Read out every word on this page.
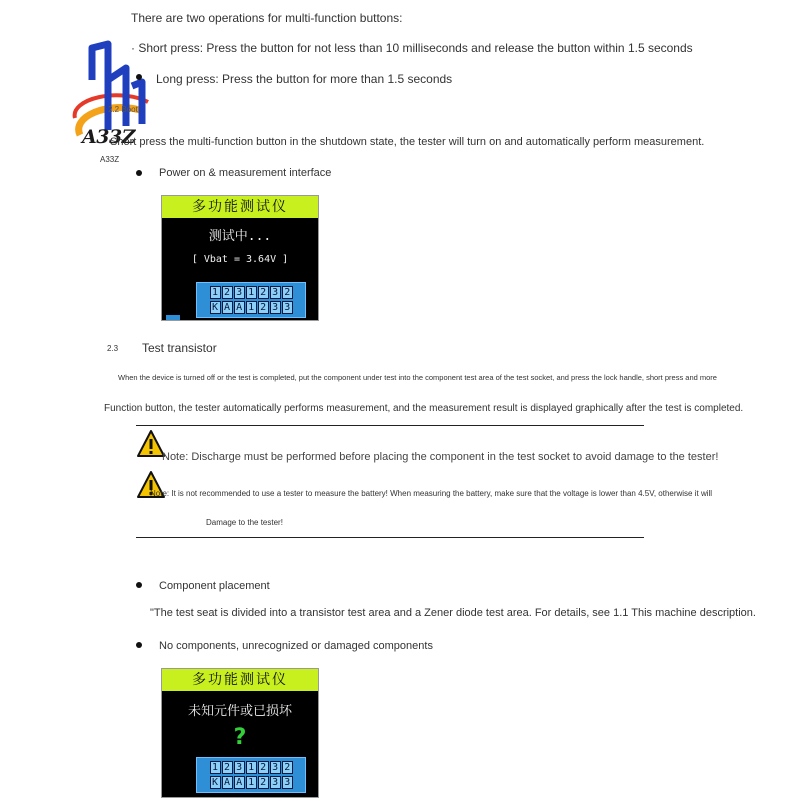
A33Z
A33Z
There are two operations for multi-function buttons:
· Short press: Press the button for not less than 10 milliseconds and release the button within 1.5 seconds
Long press: Press the button for more than 1.5 seconds
2.2 Boot
Short press the multi-function button in the shutdown state, the tester will turn on and automatically perform measurement.
Power on & measurement interface
多功能测试仪
测试中...
[ Vbat = 3.64V ]
1 2 3 1 2 3 2
K A A 1 2 3 3
2.3 Test transistor
When the device is turned off or the test is completed, put the component under test into the component test area of the test socket, and press the lock handle, short press and more
Function button, the tester automatically performs measurement, and the measurement result is displayed graphically after the test is completed.
Note: Discharge must be performed before placing the component in the test socket to avoid damage to the tester!
Note: It is not recommended to use a tester to measure the battery! When measuring the battery, make sure that the voltage is lower than 4.5V, otherwise it will
Damage to the tester!
Component placement
"The test seat is divided into a transistor test area and a Zener diode test area. For details, see 1.1 This machine description.
No components, unrecognized or damaged components
多功能测试仪
未知元件或已损坏
?
1 2 3 1 2 3 2
K A A 1 2 3 3
